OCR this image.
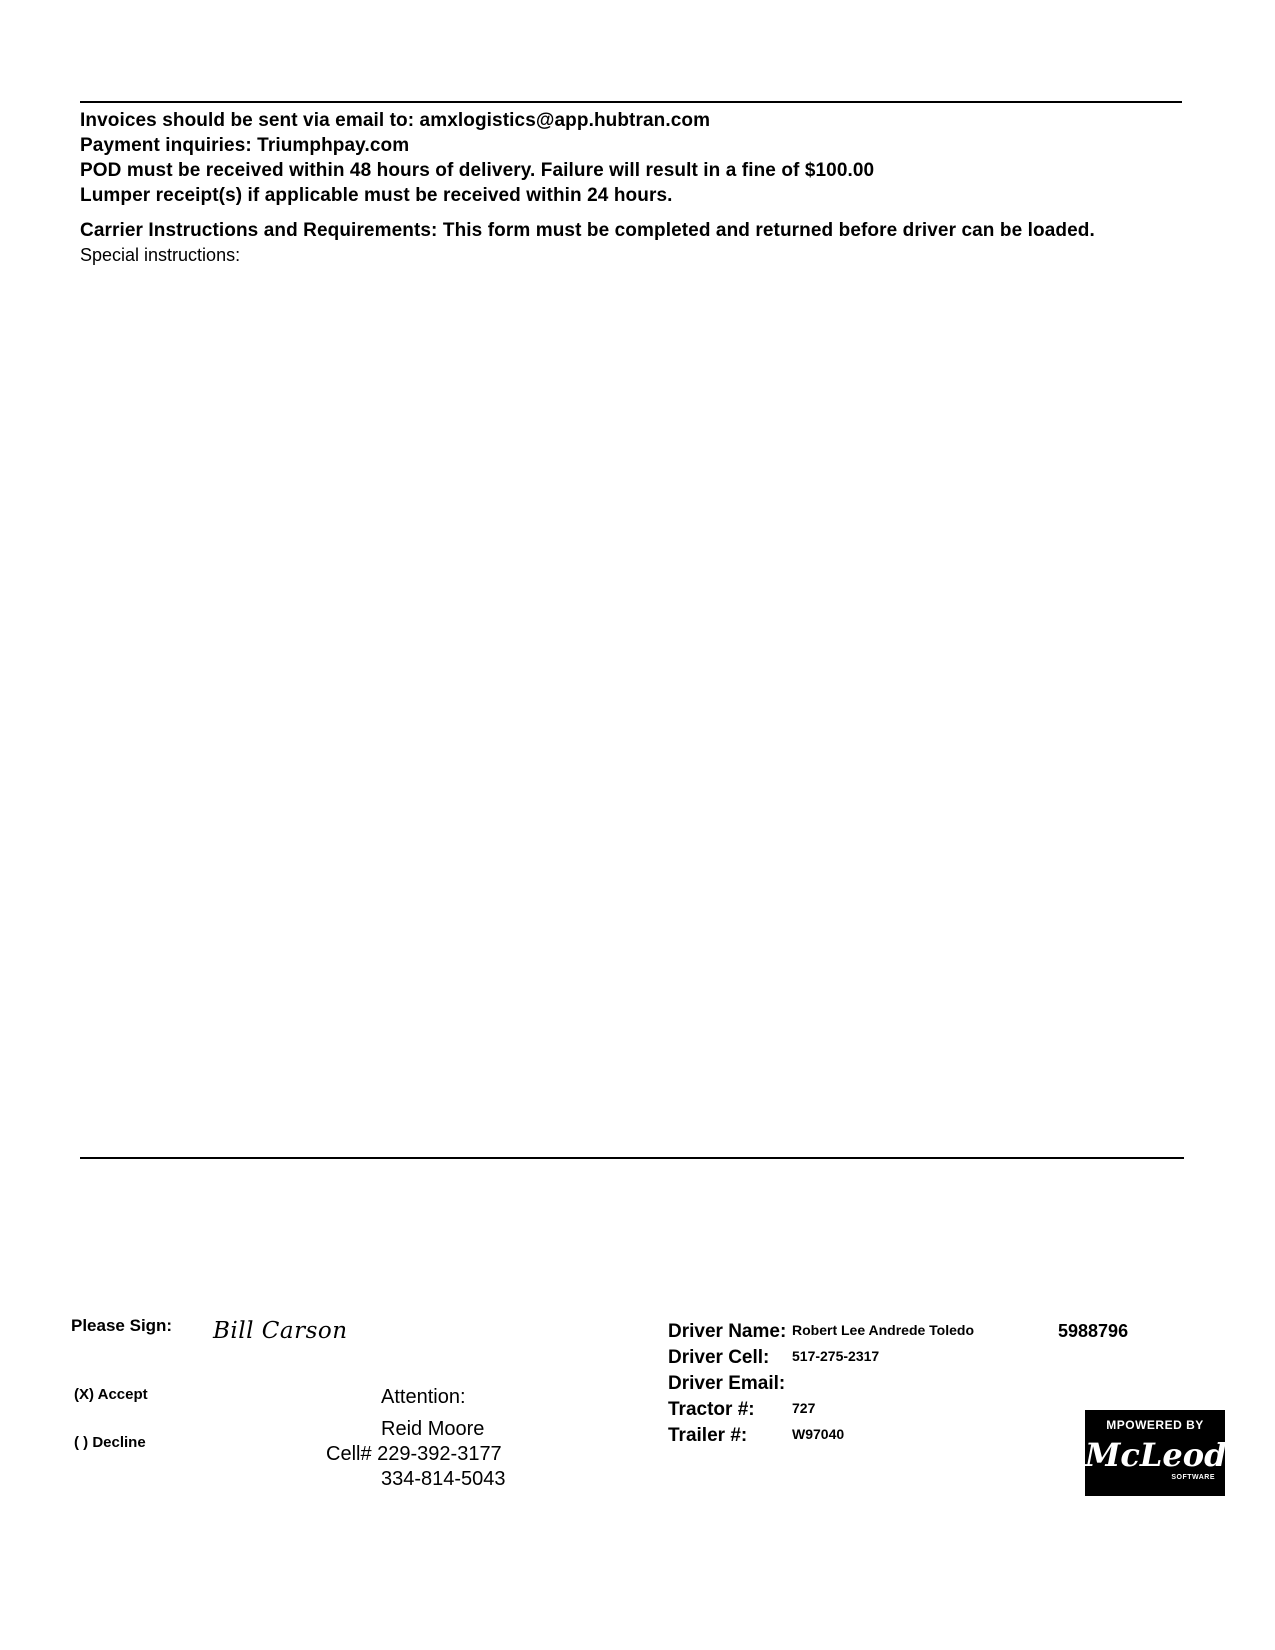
Invoices should be sent via email to: amxlogistics@app.hubtran.com
Payment inquiries: Triumphpay.com
POD must be received within 48 hours of delivery. Failure will result in a fine of $100.00
Lumper receipt(s) if applicable must be received within 24 hours.
Carrier Instructions and Requirements: This form must be completed and returned before driver can be loaded.
Special instructions:
Please Sign: Bill Carson
(X) Accept
( ) Decline
Attention:
Reid Moore
Cell# 229-392-3177
334-814-5043
Driver Name: Robert Lee Andrede Toledo	5988796
Driver Cell: 517-275-2317
Driver Email:
Tractor #:	727
Trailer #:	W97040
MPOWERED BY
McLeod
SOFTWARE
